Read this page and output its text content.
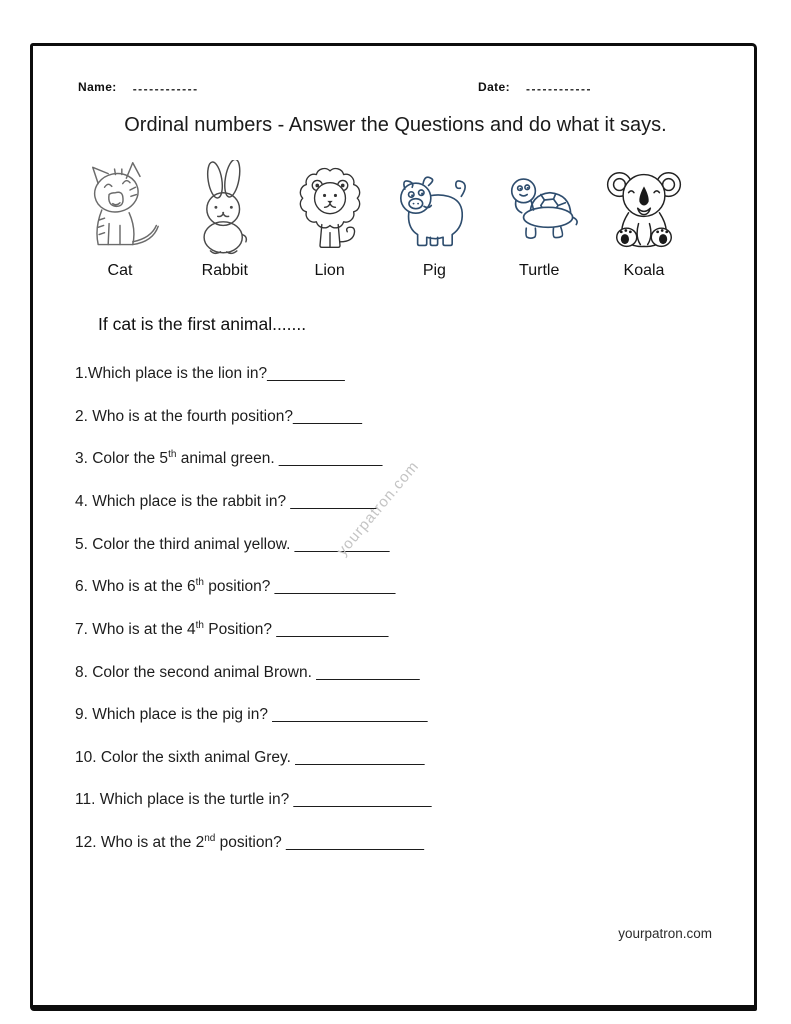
Name: ------------	Date: ------------
Ordinal numbers - Answer the Questions and do what it says.
Cat	Rabbit	Lion	Pig	Turtle	Koala
If cat is the first animal.......
1.Which place is the lion in?_________
2. Who is at the fourth position?________
3. Color the 5th animal green. ____________
4. Which place is the rabbit in? __________
5. Color the third animal yellow. ___________
6. Who is at the 6th position? ______________
7. Who is at the 4th Position? _____________
8. Color the second animal Brown. ____________
9. Which place is the pig in? __________________
10. Color the sixth animal Grey. _______________
11. Which place is the turtle in? ________________
12. Who is at the 2nd position? ________________
yourpatron.com
yourpatron.com
